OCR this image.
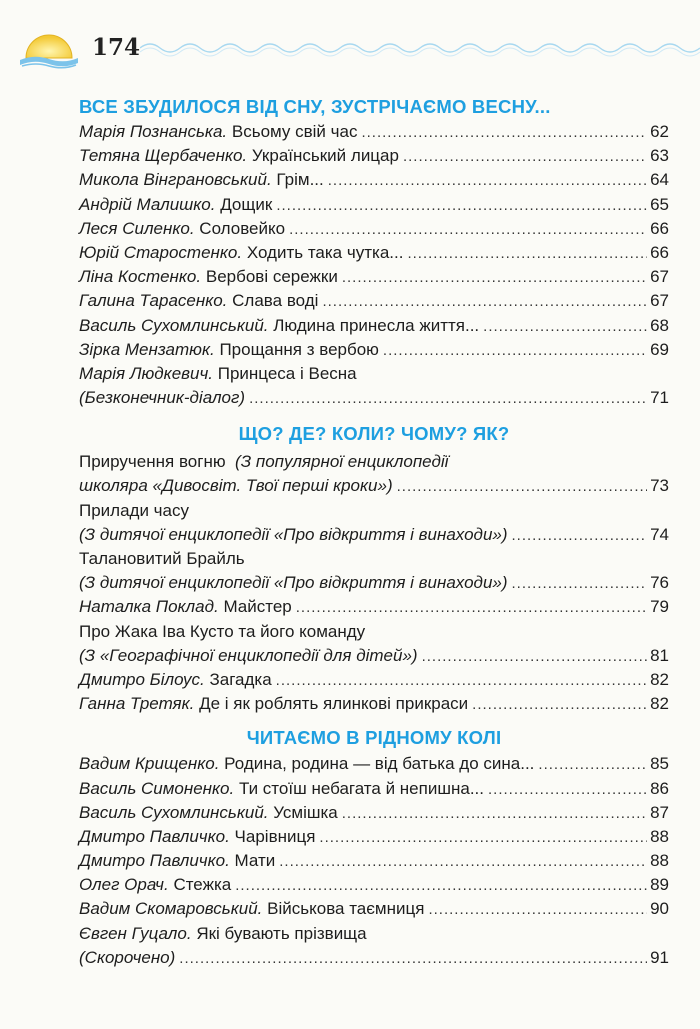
174
ВСЕ ЗБУДИЛОСЯ ВІД СНУ, ЗУСТРІЧАЄМО ВЕСНУ...
Марія Познанська. Всьому свій час .....	62
Тетяна Щербаченко. Український лицар .....	63
Микола Вінграновський. Грім... .....	64
Андрій Малишко. Дощик .....	65
Леся Силенко. Соловейко .....	66
Юрій Старостенко. Ходить така чутка... .....	66
Ліна Костенко. Вербові сережки .....	67
Галина Тарасенко. Слава воді .....	67
Василь Сухомлинський. Людина принесла життя... .....	68
Зірка Мензатюк. Прощання з вербою .....	69
Марія Людкевич. Принцеса і Весна
(Безконечник-діалог) .....	71
ЩО? ДЕ? КОЛИ? ЧОМУ? ЯК?
Приручення вогню (З популярної енциклопедії
школяра «Дивосвіт. Твої перші кроки») .....	73
Прилади часу
(З дитячої енциклопедії «Про відкриття і винаходи») .....	74
Талановитий Брайль
(З дитячої енциклопедії «Про відкриття і винаходи») .....	76
Наталка Поклад. Майстер .....	79
Про Жака Іва Кусто та його команду
(З «Географічної енциклопедії для дітей») .....	81
Дмитро Білоус. Загадка .....	82
Ганна Третяк. Де і як роблять ялинкові прикраси .....	82
ЧИТАЄМО В РІДНОМУ КОЛІ
Вадим Крищенко. Родина, родина — від батька до сина... .....	85
Василь Симоненко. Ти стоїш небагата й непишна... .....	86
Василь Сухомлинський. Усмішка .....	87
Дмитро Павличко. Чарівниця .....	88
Дмитро Павличко. Мати .....	88
Олег Орач. Стежка .....	89
Вадим Скомаровський. Військова таємниця .....	90
Євген Гуцало. Які бувають прізвища
(Скорочено) .....	91
